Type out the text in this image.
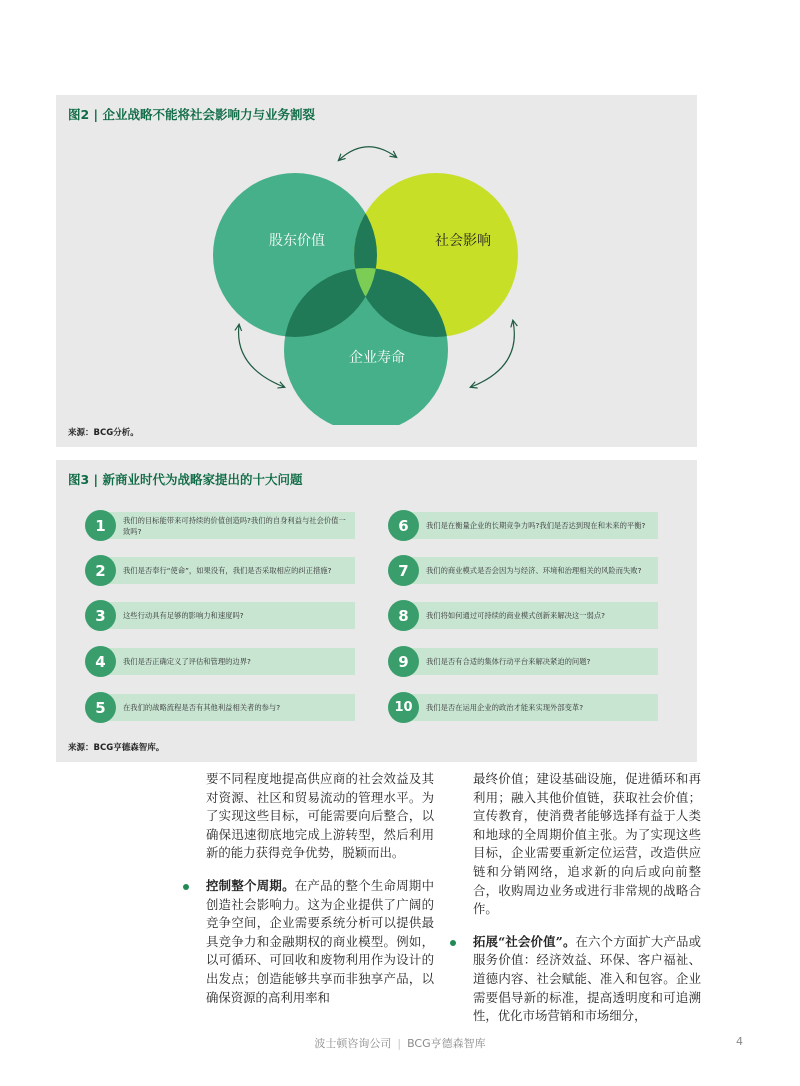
图2 | 企业战略不能将社会影响力与业务割裂
股东价值	社会影响
企业寿命
来源：BCG分析。
图3 | 新商业时代为战略家提出的十大问题
我们的目标能带来可持续的价值创造吗?我们的自身利益与社会价值一致吗?
1
我们是否奉行“使命”，如果没有，我们是否采取相应的纠正措施?
2
这些行动具有足够的影响力和速度吗?
3
我们是否正确定义了评估和管理的边界?
4
在我们的战略流程是否有其他利益相关者的参与?
5
我们是在衡量企业的长期竞争力吗?我们是否达到现在和未来的平衡?
6
我们的商业模式是否会因为与经济、环境和治理相关的风险而失败?
7
我们将如何通过可持续的商业模式创新来解决这一弱点?
8
我们是否有合适的集体行动平台来解决紧迫的问题?
9
我们是否在运用企业的政治才能来实现外部变革?
10
来源：BCG亨德森智库。

要不同程度地提高供应商的社会效益及其对资源、社区和贸易流动的管理水平。为了实现这些目标，可能需要向后整合，以确保迅速彻底地完成上游转型，然后利用新的能力获得竞争优势，脱颖而出。

控制整个周期。在产品的整个生命周期中创造社会影响力。这为企业提供了广阔的竞争空间，企业需要系统分析可以提供最具竞争力和金融期权的商业模型。例如，以可循环、可回收和废物利用作为设计的出发点；创造能够共享而非独享产品，以确保资源的高利用率和

最终价值；建设基础设施，促进循环和再利用；融入其他价值链，获取社会价值；宣传教育，使消费者能够选择有益于人类和地球的全周期价值主张。为了实现这些目标，企业需要重新定位运营，改造供应链和分销网络，追求新的向后或向前整合，收购周边业务或进行非常规的战略合作。

拓展“社会价值”。在六个方面扩大产品或服务价值：经济效益、环保、客户福祉、道德内容、社会赋能、准入和包容。企业需要倡导新的标准，提高透明度和可追溯性，优化市场营销和市场细分，

波士顿咨询公司 | BCG亨德森智库	4
